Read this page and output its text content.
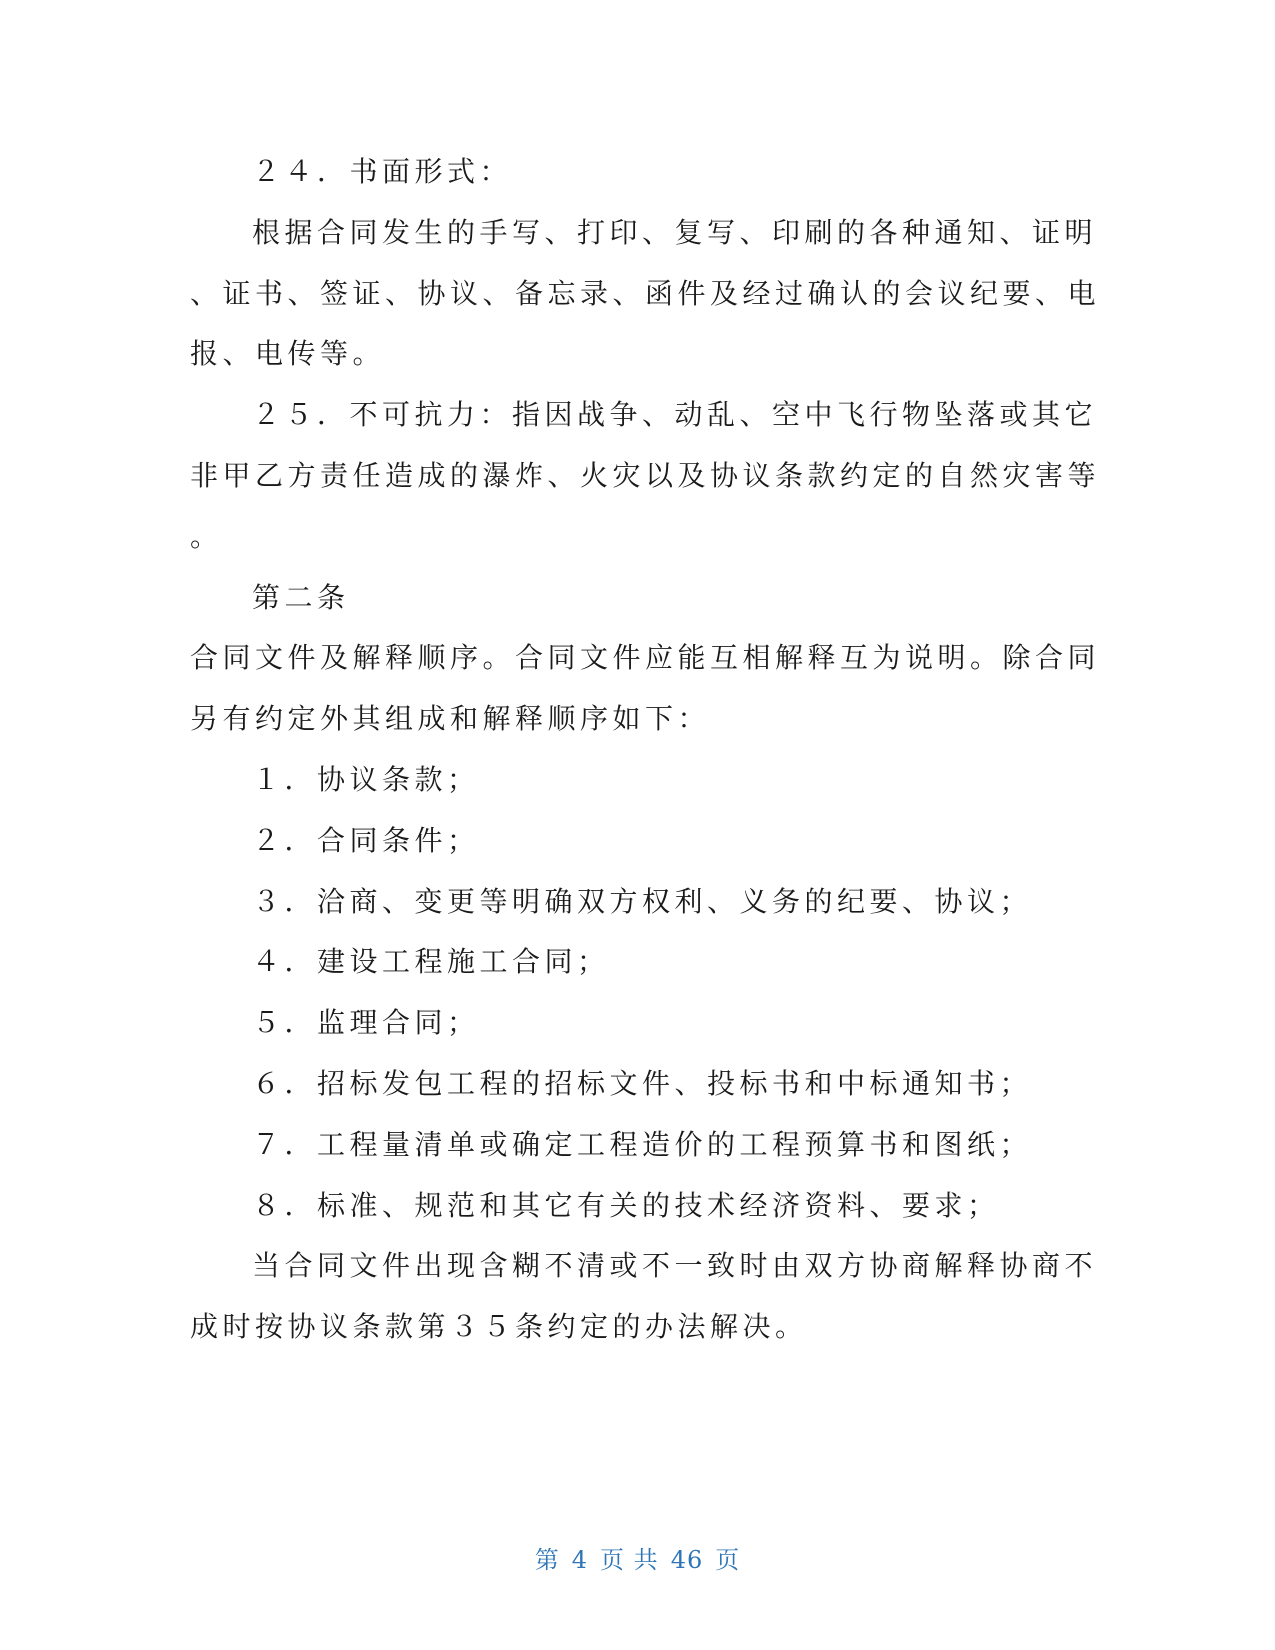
２４．书面形式：
根据合同发生的手写、打印、复写、印刷的各种通知、证明
、证书、签证、协议、备忘录、函件及经过确认的会议纪要、电
报、电传等。
２５．不可抗力：指因战争、动乱、空中飞行物坠落或其它
非甲乙方责任造成的瀑炸、火灾以及协议条款约定的自然灾害等
。
第二条
合同文件及解释顺序。合同文件应能互相解释互为说明。除合同
另有约定外其组成和解释顺序如下：
１．协议条款；
２．合同条件；
３．洽商、变更等明确双方权利、义务的纪要、协议；
４．建设工程施工合同；
５．监理合同；
６．招标发包工程的招标文件、投标书和中标通知书；
７．工程量清单或确定工程造价的工程预算书和图纸；
８．标准、规范和其它有关的技术经济资料、要求；
当合同文件出现含糊不清或不一致时由双方协商解释协商不
成时按协议条款第３５条约定的办法解决。
第 4 页 共 46 页
